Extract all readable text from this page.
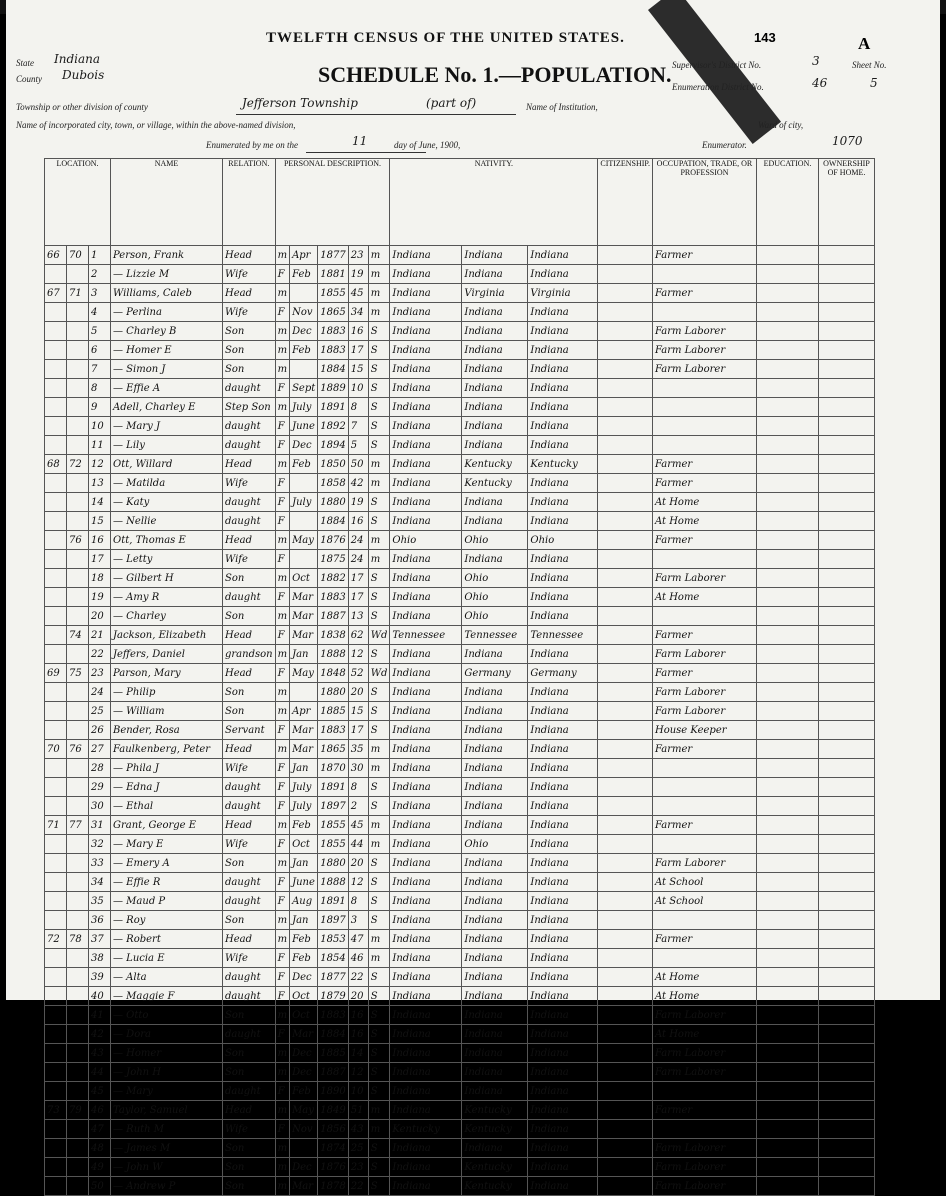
TWELFTH CENSUS OF THE UNITED STATES.	143	A
SCHEDULE No. 1.—POPULATION.
State Indiana
County Dubois
Township or other division of county	Jefferson Township	(part of)	Name of Institution,
Name of incorporated city, town, or village, within the above-named division,	Ward of city,
Supervisor's District No.	3
Enumeration District No.	46
Sheet No.
5
Enumerated by me on the	11	day of June, 1900,	Enumerator.	1070
LOCATION.			NAME	RELATION.	PERSONAL DESCRIPTION.					NATIVITY.			CITIZENSHIP.	OCCUPATION, TRADE, OR PROFESSION	EDUCATION.	OWNERSHIP OF HOME.
66	70	1	Person, Frank	Head	m	Apr	1877	23	m	Indiana	Indiana	Indiana		Farmer		
		2	— Lizzie M	Wife	F	Feb	1881	19	m	Indiana	Indiana	Indiana				
67	71	3	Williams, Caleb	Head	m		1855	45	m	Indiana	Virginia	Virginia		Farmer		
		4	— Perlina	Wife	F	Nov	1865	34	m	Indiana	Indiana	Indiana				
		5	— Charley B	Son	m	Dec	1883	16	S	Indiana	Indiana	Indiana		Farm Laborer		
		6	— Homer E	Son	m	Feb	1883	17	S	Indiana	Indiana	Indiana		Farm Laborer		
		7	— Simon J	Son	m		1884	15	S	Indiana	Indiana	Indiana		Farm Laborer		
		8	— Effie A	daught	F	Sept	1889	10	S	Indiana	Indiana	Indiana				
		9	Adell, Charley E	Step Son	m	July	1891	8	S	Indiana	Indiana	Indiana				
		10	— Mary J	daught	F	June	1892	7	S	Indiana	Indiana	Indiana				
		11	— Lily	daught	F	Dec	1894	5	S	Indiana	Indiana	Indiana				
68	72	12	Ott, Willard	Head	m	Feb	1850	50	m	Indiana	Kentucky	Kentucky		Farmer		
		13	— Matilda	Wife	F		1858	42	m	Indiana	Kentucky	Indiana		Farmer		
		14	— Katy	daught	F	July	1880	19	S	Indiana	Indiana	Indiana		At Home		
		15	— Nellie	daught	F		1884	16	S	Indiana	Indiana	Indiana		At Home		
	76	16	Ott, Thomas E	Head	m	May	1876	24	m	Ohio	Ohio	Ohio		Farmer		
		17	— Letty	Wife	F		1875	24	m	Indiana	Indiana	Indiana				
		18	— Gilbert H	Son	m	Oct	1882	17	S	Indiana	Ohio	Indiana		Farm Laborer		
		19	— Amy R	daught	F	Mar	1883	17	S	Indiana	Ohio	Indiana		At Home		
		20	— Charley	Son	m	Mar	1887	13	S	Indiana	Ohio	Indiana				
	74	21	Jackson, Elizabeth	Head	F	Mar	1838	62	Wd	Tennessee	Tennessee	Tennessee		Farmer		
		22	Jeffers, Daniel	grandson	m	Jan	1888	12	S	Indiana	Indiana	Indiana		Farm Laborer		
69	75	23	Parson, Mary	Head	F	May	1848	52	Wd	Indiana	Germany	Germany		Farmer		
		24	— Philip	Son	m		1880	20	S	Indiana	Indiana	Indiana		Farm Laborer		
		25	— William	Son	m	Apr	1885	15	S	Indiana	Indiana	Indiana		Farm Laborer		
		26	Bender, Rosa	Servant	F	Mar	1883	17	S	Indiana	Indiana	Indiana		House Keeper		
70	76	27	Faulkenberg, Peter	Head	m	Mar	1865	35	m	Indiana	Indiana	Indiana		Farmer		
		28	— Phila J	Wife	F	Jan	1870	30	m	Indiana	Indiana	Indiana				
		29	— Edna J	daught	F	July	1891	8	S	Indiana	Indiana	Indiana				
		30	— Ethal	daught	F	July	1897	2	S	Indiana	Indiana	Indiana				
71	77	31	Grant, George E	Head	m	Feb	1855	45	m	Indiana	Indiana	Indiana		Farmer		
		32	— Mary E	Wife	F	Oct	1855	44	m	Indiana	Ohio	Indiana				
		33	— Emery A	Son	m	Jan	1880	20	S	Indiana	Indiana	Indiana		Farm Laborer		
		34	— Effie R	daught	F	June	1888	12	S	Indiana	Indiana	Indiana		At School		
		35	— Maud P	daught	F	Aug	1891	8	S	Indiana	Indiana	Indiana		At School		
		36	— Roy	Son	m	Jan	1897	3	S	Indiana	Indiana	Indiana				
72	78	37	— Robert	Head	m	Feb	1853	47	m	Indiana	Indiana	Indiana		Farmer		
		38	— Lucia E	Wife	F	Feb	1854	46	m	Indiana	Indiana	Indiana				
		39	— Alta	daught	F	Dec	1877	22	S	Indiana	Indiana	Indiana		At Home		
		40	— Maggie F	daught	F	Oct	1879	20	S	Indiana	Indiana	Indiana		At Home		
		41	— Otto	Son	m	Oct	1883	16	S	Indiana	Indiana	Indiana		Farm Laborer		
		42	— Dora	daught	F	Mar	1884	16	S	Indiana	Indiana	Indiana		At Home		
		43	— Homer	Son	m	Dec	1885	14	S	Indiana	Indiana	Indiana		Farm Laborer		
		44	— John H	Son	m	Dec	1887	12	S	Indiana	Indiana	Indiana		Farm Laborer		
		45	— Mary	daught	F	Feb	1890	10	S	Indiana	Indiana	Indiana				
73	79	46	Taylor, Samuel	Head	m	May	1849	51	m	Indiana	Kentucky	Indiana		Farmer		
		47	— Ruth M	Wife	F	Nov	1856	43	m	Kentucky	Kentucky	Indiana				
		48	— James M	Son	m		1874	25	S	Indiana	Indiana	Indiana		Farm Laborer		
		49	— John W	Son	m	Dec	1876	23	S	Indiana	Kentucky	Indiana		Farm Laborer		
		50	— Andrew P	Son	m	Mar	1878	22	S	Indiana	Kentucky	Indiana		Farm Laborer		
